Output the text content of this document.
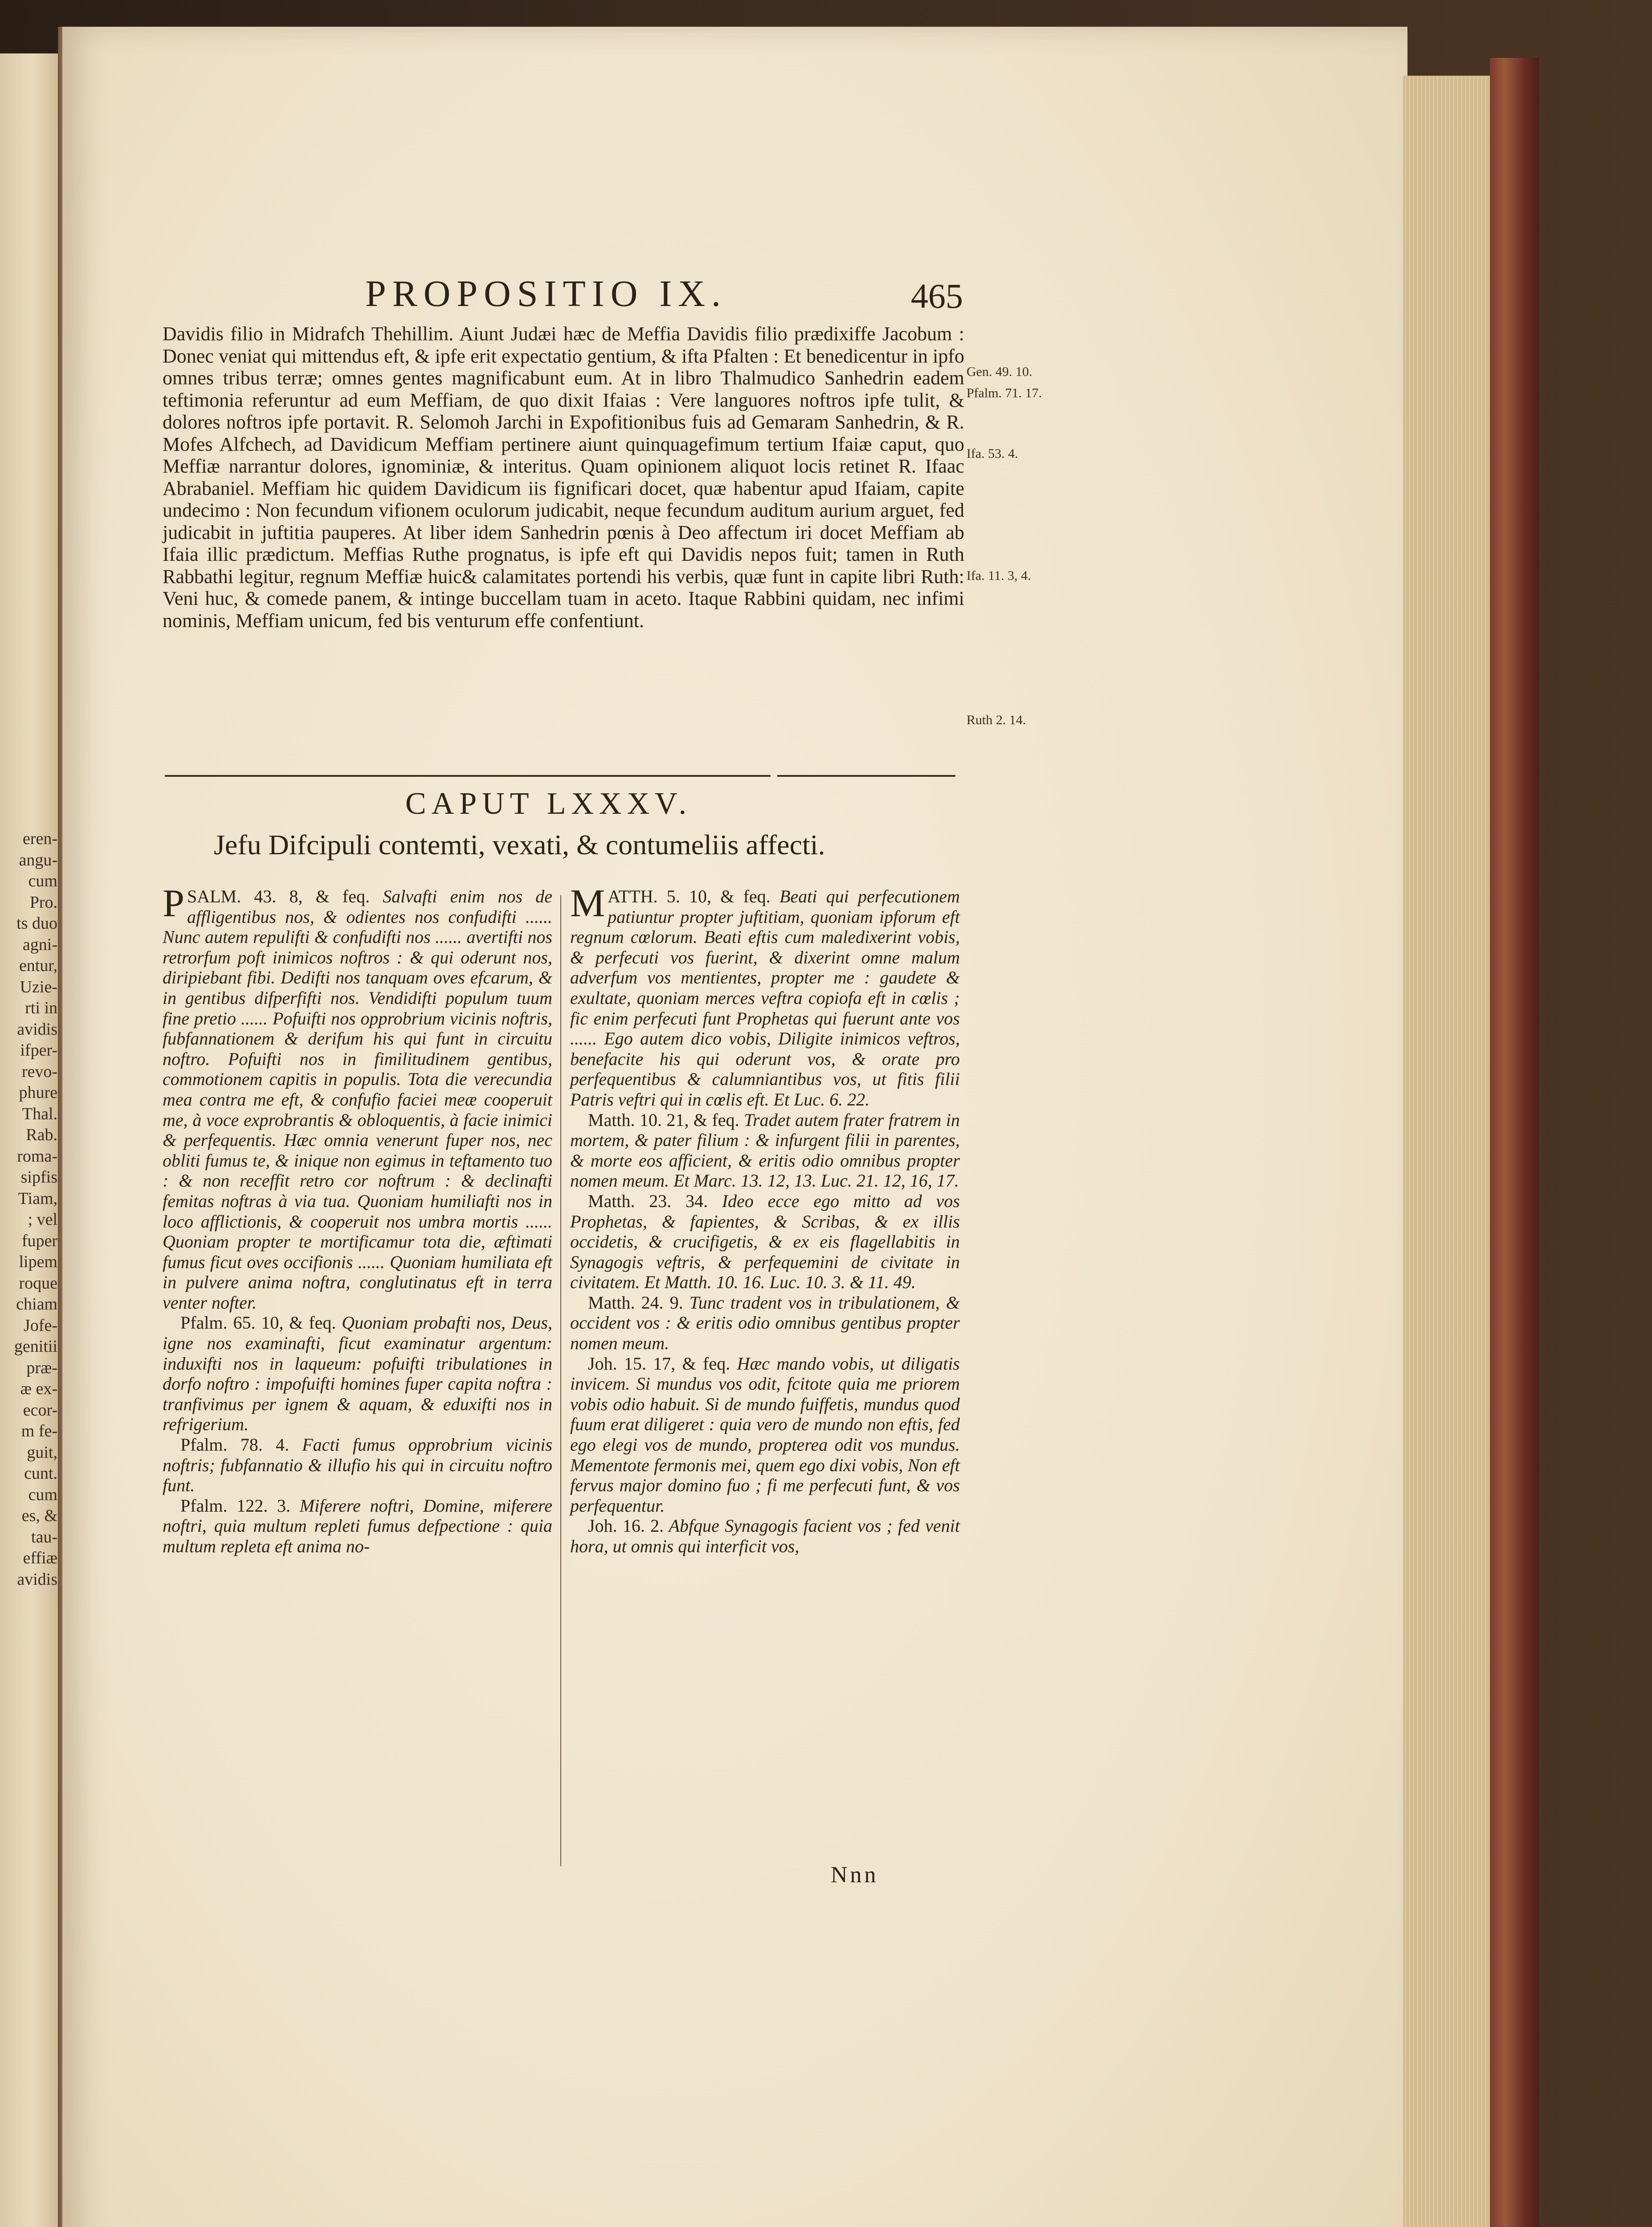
eren-
angu-
cum
Pro.
ts duo
agni-
entur,
Uzie-
rti in
avidis
ifper-
revo-
phure
Thal.
Rab.
roma-
sipfis
Tiam,
; vel
fuper
lipem
roque
chiam
Jofe-
genitii
præ-
æ ex-
ecor-
m fe-
guit,
cunt.
cum
es, &
tau-
effiæ
avidis
PROPOSITIO IX.	465
Davidis filio in Midrafch Thehillim. Aiunt Judæi hæc de Meffia Davidis filio prædixiffe Jacobum : Donec veniat qui mittendus eft, & ipfe erit expectatio gentium, & ifta Pfalten : Et benedicentur in ipfo omnes tribus terræ; omnes gentes magnificabunt eum. At in libro Thalmudico Sanhedrin eadem teftimonia referuntur ad eum Meffiam, de quo dixit Ifaias : Vere languores noftros ipfe tulit, & dolores noftros ipfe portavit. R. Selomoh Jarchi in Expofitionibus fuis ad Gemaram Sanhedrin, & R. Mofes Alfchech, ad Davidicum Meffiam pertinere aiunt quinquagefimum tertium Ifaiæ caput, quo Meffiæ narrantur dolores, ignominiæ, & interitus. Quam opinionem aliquot locis retinet R. Ifaac Abrabaniel. Meffiam hic quidem Davidicum iis fignificari docet, quæ habentur apud Ifaiam, capite undecimo : Non fecundum vifionem oculorum judicabit, neque fecundum auditum aurium arguet, fed judicabit in juftitia pauperes. At liber idem Sanhedrin pœnis à Deo affectum iri docet Meffiam ab Ifaia illic prædictum. Meffias Ruthe prognatus, is ipfe eft qui Davidis nepos fuit; tamen in Ruth Rabbathi legitur, regnum Meffiæ huic& calamitates portendi his verbis, quæ funt in capite libri Ruth: Veni huc, & comede panem, & intinge buccellam tuam in aceto. Itaque Rabbini quidam, nec infimi nominis, Meffiam unicum, fed bis venturum effe confentiunt.
Gen. 49. 10.
Pfalm. 71. 17.
Ifa. 53. 4.
Ifa. 11. 3, 4.
Ruth 2. 14.
CAPUT LXXXV.
Jefu Difcipuli contemti, vexati, & contumeliis affecti.

PSALM. 43. 8, & feq. Salvafti enim nos de affligentibus nos, & odientes nos confudifti ...... Nunc autem repulifti & confudifti nos ...... avertifti nos retrorfum poft inimicos noftros : & qui oderunt nos, diripiebant fibi. Dedifti nos tanquam oves efcarum, & in gentibus difperfifti nos. Vendidifti populum tuum fine pretio ...... Pofuifti nos opprobrium vicinis noftris, fubfannationem & derifum his qui funt in circuitu noftro. Pofuifti nos in fimilitudinem gentibus, commotionem capitis in populis. Tota die verecundia mea contra me eft, & confufio faciei meæ cooperuit me, à voce exprobrantis & obloquentis, à facie inimici & perfequentis. Hæc omnia venerunt fuper nos, nec obliti fumus te, & inique non egimus in teftamento tuo : & non receffit retro cor noftrum : & declinafti femitas noftras à via tua. Quoniam humiliafti nos in loco afflictionis, & cooperuit nos umbra mortis ...... Quoniam propter te mortificamur tota die, æftimati fumus ficut oves occifionis ...... Quoniam humiliata eft in pulvere anima noftra, conglutinatus eft in terra venter nofter.

Pfalm. 65. 10, & feq. Quoniam probafti nos, Deus, igne nos examinafti, ficut examinatur argentum: induxifti nos in laqueum: pofuifti tribulationes in dorfo noftro : impofuifti homines fuper capita noftra : tranfivimus per ignem & aquam, & eduxifti nos in refrigerium.

Pfalm. 78. 4. Facti fumus opprobrium vicinis noftris; fubfannatio & illufio his qui in circuitu noftro funt.

Pfalm. 122. 3. Miferere noftri, Domine, miferere noftri, quia multum repleti fumus defpectione : quia multum repleta eft anima no-

MATTH. 5. 10, & feq. Beati qui perfecutionem patiuntur propter juftitiam, quoniam ipforum eft regnum cœlorum. Beati eftis cum maledixerint vobis, & perfecuti vos fuerint, & dixerint omne malum adverfum vos mentientes, propter me : gaudete & exultate, quoniam merces veftra copiofa eft in cœlis ; fic enim perfecuti funt Prophetas qui fuerunt ante vos ...... Ego autem dico vobis, Diligite inimicos veftros, benefacite his qui oderunt vos, & orate pro perfequentibus & calumniantibus vos, ut fitis filii Patris veftri qui in cœlis eft. Et Luc. 6. 22.

Matth. 10. 21, & feq. Tradet autem frater fratrem in mortem, & pater filium : & infurgent filii in parentes, & morte eos afficient, & eritis odio omnibus propter nomen meum. Et Marc. 13. 12, 13. Luc. 21. 12, 16, 17.

Matth. 23. 34. Ideo ecce ego mitto ad vos Prophetas, & fapientes, & Scribas, & ex illis occidetis, & crucifigetis, & ex eis flagellabitis in Synagogis veftris, & perfequemini de civitate in civitatem. Et Matth. 10. 16. Luc. 10. 3. & 11. 49.

Matth. 24. 9. Tunc tradent vos in tribulationem, & occident vos : & eritis odio omnibus gentibus propter nomen meum.

Joh. 15. 17, & feq. Hæc mando vobis, ut diligatis invicem. Si mundus vos odit, fcitote quia me priorem vobis odio habuit. Si de mundo fuiffetis, mundus quod fuum erat diligeret : quia vero de mundo non eftis, fed ego elegi vos de mundo, propterea odit vos mundus. Mementote fermonis mei, quem ego dixi vobis, Non eft fervus major domino fuo ; fi me perfecuti funt, & vos perfequentur.

Joh. 16. 2. Abfque Synagogis facient vos ; fed venit hora, ut omnis qui interficit vos,

Nnn
